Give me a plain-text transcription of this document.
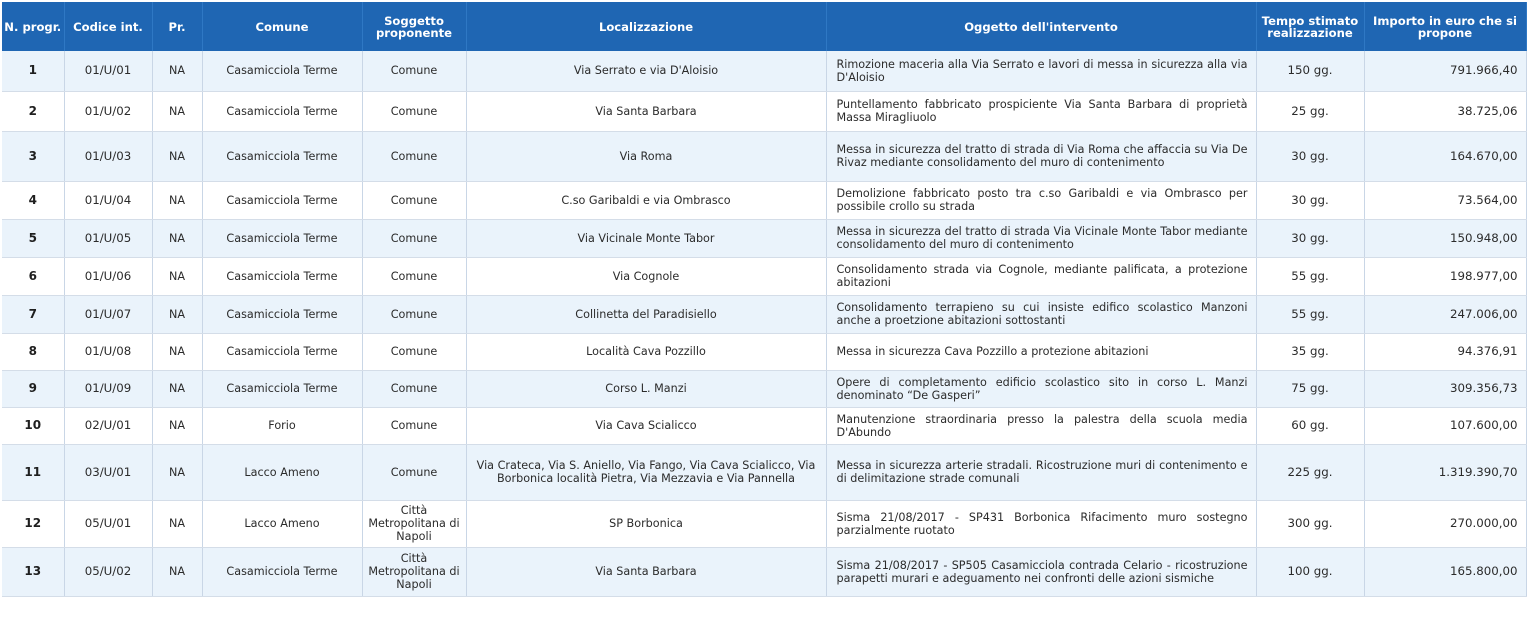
N. progr.	Codice int.	Pr.	Comune	Soggetto proponente	Localizzazione	Oggetto dell'intervento	Tempo stimato realizzazione	Importo in euro che si propone
1	01/U/01	NA	Casamicciola Terme	Comune	Via Serrato e via D'Aloisio	Rimozione maceria alla Via Serrato e lavori di messa in sicurezza alla via D'Aloisio	150 gg.	791.966,40
2	01/U/02	NA	Casamicciola Terme	Comune	Via Santa Barbara	Puntellamento fabbricato prospiciente Via Santa Barbara di proprietà Massa Miragliuolo	25 gg.	38.725,06
3	01/U/03	NA	Casamicciola Terme	Comune	Via Roma	Messa in sicurezza del tratto di strada di Via Roma che affaccia su Via De Rivaz mediante consolidamento del muro di contenimento	30 gg.	164.670,00
4	01/U/04	NA	Casamicciola Terme	Comune	C.so Garibaldi e via Ombrasco	Demolizione fabbricato posto tra c.so Garibaldi e via Ombrasco per possibile crollo su strada	30 gg.	73.564,00
5	01/U/05	NA	Casamicciola Terme	Comune	Via Vicinale Monte Tabor	Messa in sicurezza del tratto di strada Via Vicinale Monte Tabor mediante consolidamento del muro di contenimento	30 gg.	150.948,00
6	01/U/06	NA	Casamicciola Terme	Comune	Via Cognole	Consolidamento strada via Cognole, mediante palificata, a protezione abitazioni	55 gg.	198.977,00
7	01/U/07	NA	Casamicciola Terme	Comune	Collinetta del Paradisiello	Consolidamento terrapieno su cui insiste edifico scolastico Manzoni anche a proetzione abitazioni sottostanti	55 gg.	247.006,00
8	01/U/08	NA	Casamicciola Terme	Comune	Località Cava Pozzillo	Messa in sicurezza Cava Pozzillo a protezione abitazioni	35 gg.	94.376,91
9	01/U/09	NA	Casamicciola Terme	Comune	Corso L. Manzi	Opere di completamento edificio scolastico sito in corso L. Manzi denominato “De Gasperi”	75 gg.	309.356,73
10	02/U/01	NA	Forio	Comune	Via Cava Scialicco	Manutenzione straordinaria presso la palestra della scuola media D'Abundo	60 gg.	107.600,00
11	03/U/01	NA	Lacco Ameno	Comune	Via Crateca, Via S. Aniello, Via Fango, Via Cava Scialicco, Via Borbonica località Pietra, Via Mezzavia e Via Pannella	Messa in sicurezza arterie stradali. Ricostruzione muri di contenimento e di delimitazione strade comunali	225 gg.	1.319.390,70
12	05/U/01	NA	Lacco Ameno	Città Metropolitana di Napoli	SP Borbonica	Sisma 21/08/2017 - SP431 Borbonica Rifacimento muro sostegno parzialmente ruotato	300 gg.	270.000,00
13	05/U/02	NA	Casamicciola Terme	Città Metropolitana di Napoli	Via Santa Barbara	Sisma 21/08/2017 - SP505 Casamicciola contrada Celario - ricostruzione parapetti murari e adeguamento nei confronti delle azioni sismiche	100 gg.	165.800,00
